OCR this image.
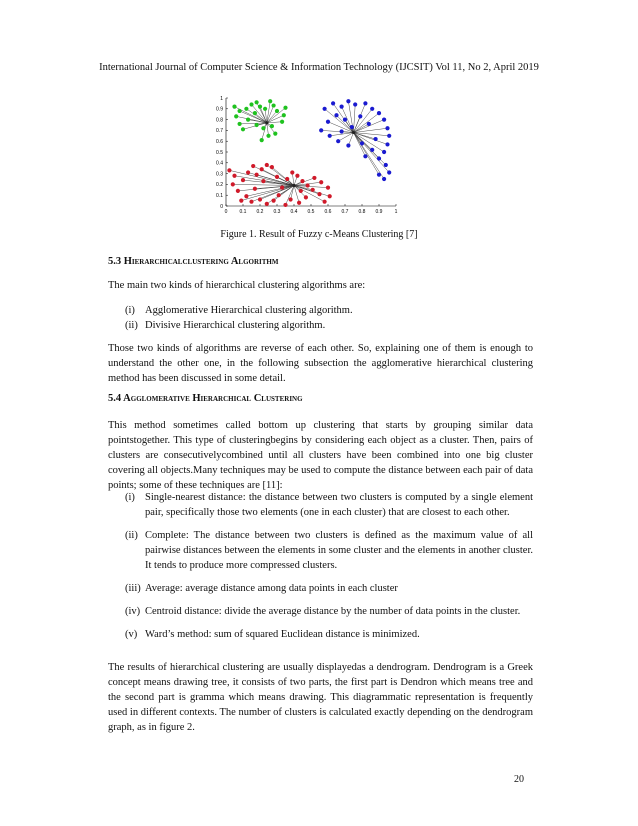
International Journal of Computer Science & Information Technology (IJCSIT) Vol 11, No 2, April 2019
0 0.1 0.2 0.3 0.4 0.5 0.6 0.7 0.8 0.9 1
0
0.1
0.2
0.3
0.4
0.5
0.6
0.7
0.8
0.9
1
Figure 1. Result of Fuzzy c-Means Clustering [7]
5.3 Hierarchicalclustering Algorithm
The main two kinds of hierarchical clustering algorithms are:
(i) Agglomerative Hierarchical clustering algorithm.
(ii) Divisive Hierarchical clustering algorithm.
Those two kinds of algorithms are reverse of each other. So, explaining one of them is enough to understand the other one, in the following subsection the agglomerative hierarchical clustering method has been discussed in some detail.
5.4 Agglomerative Hierarchical Clustering
This method sometimes called bottom up clustering that starts by grouping similar data pointstogether. This type of clusteringbegins by considering each object as a cluster. Then, pairs of clusters are consecutivelycombined until all clusters have been combined into one big cluster covering all objects.Many techniques may be used to compute the distance between each pair of data points; some of these techniques are [11]:
(i) Single-nearest distance: the distance between two clusters is computed by a single element pair, specifically those two elements (one in each cluster) that are closest to each other.
(ii) Complete: The distance between two clusters is defined as the maximum value of all pairwise distances between the elements in some cluster and the elements in another cluster. It tends to produce more compressed clusters.
(iii) Average: average distance among data points in each cluster
(iv) Centroid distance: divide the average distance by the number of data points in the cluster.
(v) Ward’s method: sum of squared Euclidean distance is minimized.
The results of hierarchical clustering are usually displayedas a dendrogram. Dendrogram is a Greek concept means drawing tree, it consists of two parts, the first part is Dendron which means tree and the second part is gramma which means drawing. This diagrammatic representation is frequently used in different contexts. The number of clusters is calculated exactly depending on the dendrogram graph, as in figure 2.
20
